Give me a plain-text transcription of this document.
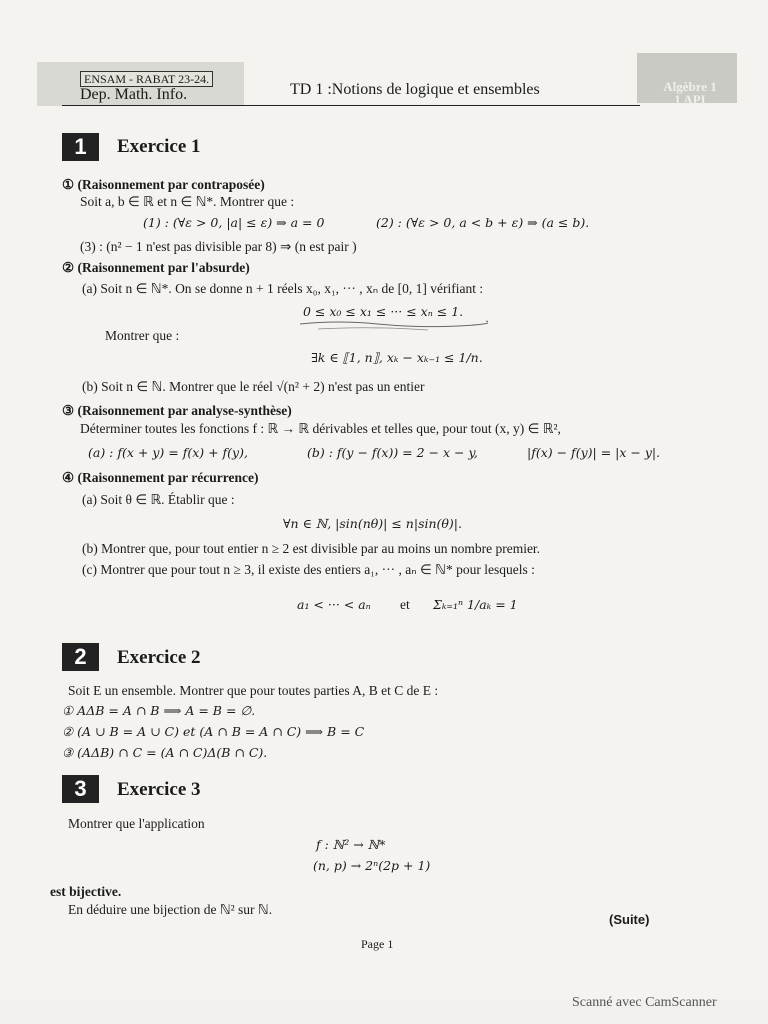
ENSAM - RABAT 23-24.
Dep. Math. Info.	TD 1 :Notions de logique et ensembles	Algèbre 1
1 API
1	Exercice 1
① (Raisonnement par contraposée)
Soit a, b ∈ ℝ et n ∈ ℕ*. Montrer que :
(1) : (∀ε > 0, |a| ≤ ε) ⇒ a = 0	(2) : (∀ε > 0, a < b + ε) ⇒ (a ≤ b).
(3) : (n² − 1 n'est pas divisible par 8) ⇒ (n est pair )
② (Raisonnement par l'absurde)
(a) Soit n ∈ ℕ*. On se donne n + 1 réels x₀, x₁, ··· , xₙ de [0, 1] vérifiant :
0 ≤ x₀ ≤ x₁ ≤ ··· ≤ xₙ ≤ 1.
Montrer que :
∃k ∈ ⟦1, n⟧, xₖ − xₖ₋₁ ≤ 1/n.
(b) Soit n ∈ ℕ. Montrer que le réel √(n² + 2) n'est pas un entier
③ (Raisonnement par analyse-synthèse)
Déterminer toutes les fonctions f : ℝ → ℝ dérivables et telles que, pour tout (x, y) ∈ ℝ²,
(a) : f(x + y) = f(x) + f(y),	(b) : f(y − f(x)) = 2 − x − y,	|f(x) − f(y)| = |x − y|.
④ (Raisonnement par récurrence)
(a) Soit θ ∈ ℝ. Établir que :
∀n ∈ ℕ, |sin(nθ)| ≤ n|sin(θ)|.
(b) Montrer que, pour tout entier n ≥ 2 est divisible par au moins un nombre premier.
(c) Montrer que pour tout n ≥ 3, il existe des entiers a₁, ··· , aₙ ∈ ℕ* pour lesquels :
a₁ < ··· < aₙ et Σₖ₌₁ⁿ 1/aₖ = 1
2	Exercice 2
Soit E un ensemble. Montrer que pour toutes parties A, B et C de E :
① AΔB = A ∩ B ⟹ A = B = ∅.
② (A ∪ B = A ∪ C) et (A ∩ B = A ∩ C) ⟹ B = C
③ (AΔB) ∩ C = (A ∩ C)Δ(B ∩ C).
3	Exercice 3
Montrer que l'application
f : ℕ² → ℕ*
(n, p) → 2ⁿ(2p + 1)
est bijective.
En déduire une bijection de ℕ² sur ℕ.
(Suite)
Page 1
Scanné avec CamScanner
